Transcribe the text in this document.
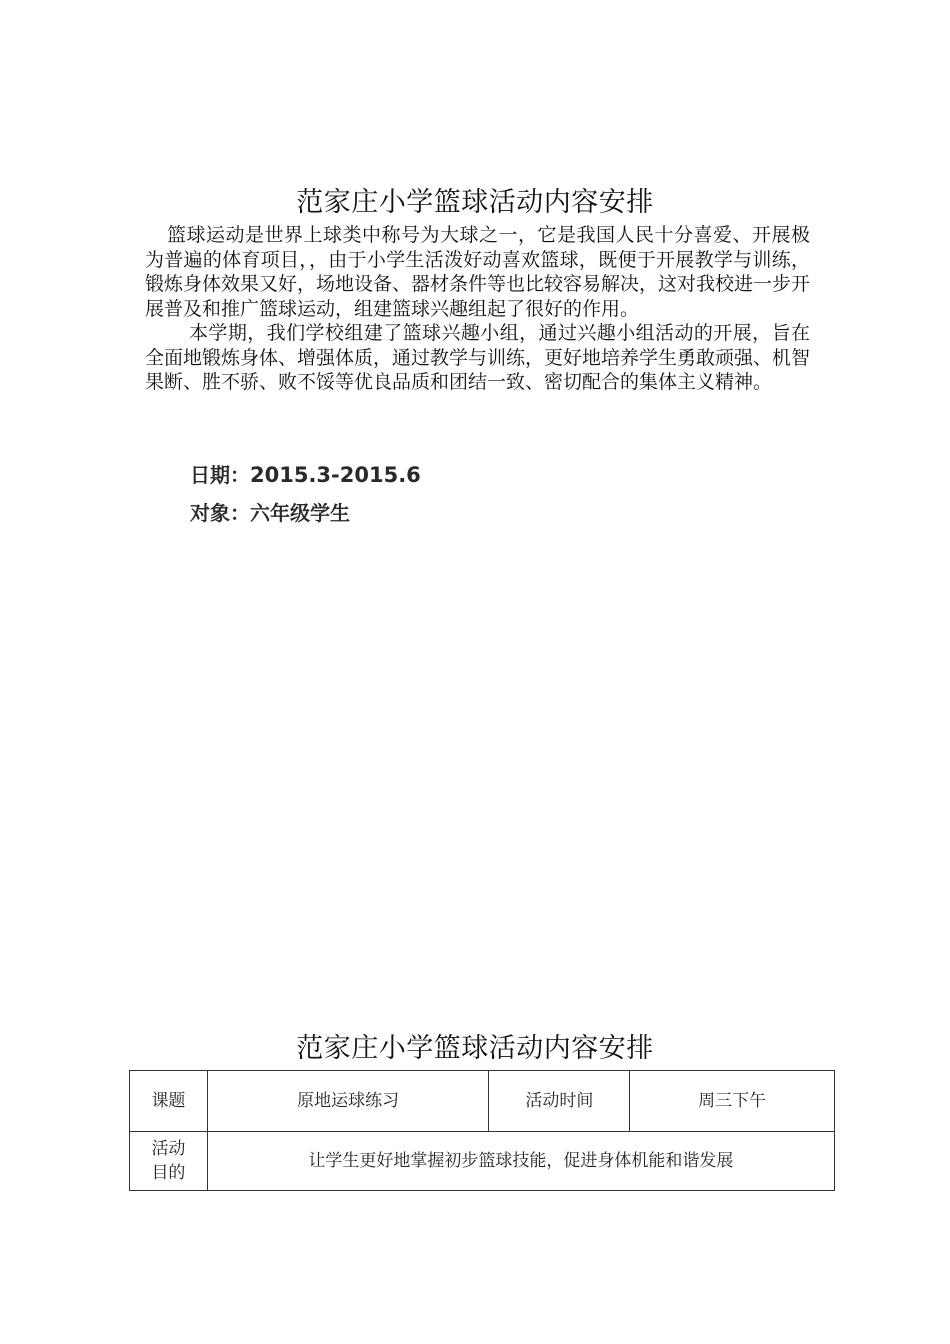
范家庄小学篮球活动内容安排

篮球运动是世界上球类中称号为大球之一，它是我国人民十分喜爱、开展极为普遍的体育项目，，由于小学生活泼好动喜欢篮球，既便于开展教学与训练，锻炼身体效果又好，场地设备、器材条件等也比较容易解决，这对我校进一步开展普及和推广篮球运动，组建篮球兴趣组起了很好的作用。

本学期，我们学校组建了篮球兴趣小组，通过兴趣小组活动的开展，旨在全面地锻炼身体、增强体质，通过教学与训练，更好地培养学生勇敢顽强、机智果断、胜不骄、败不馁等优良品质和团结一致、密切配合的集体主义精神。

日期：2015.3-2015.6
对象：六年级学生
范家庄小学篮球活动内容安排
课题	原地运球练习	活动时间	周三下午
活动
目的	让学生更好地掌握初步篮球技能，促进身体机能和谐发展		
